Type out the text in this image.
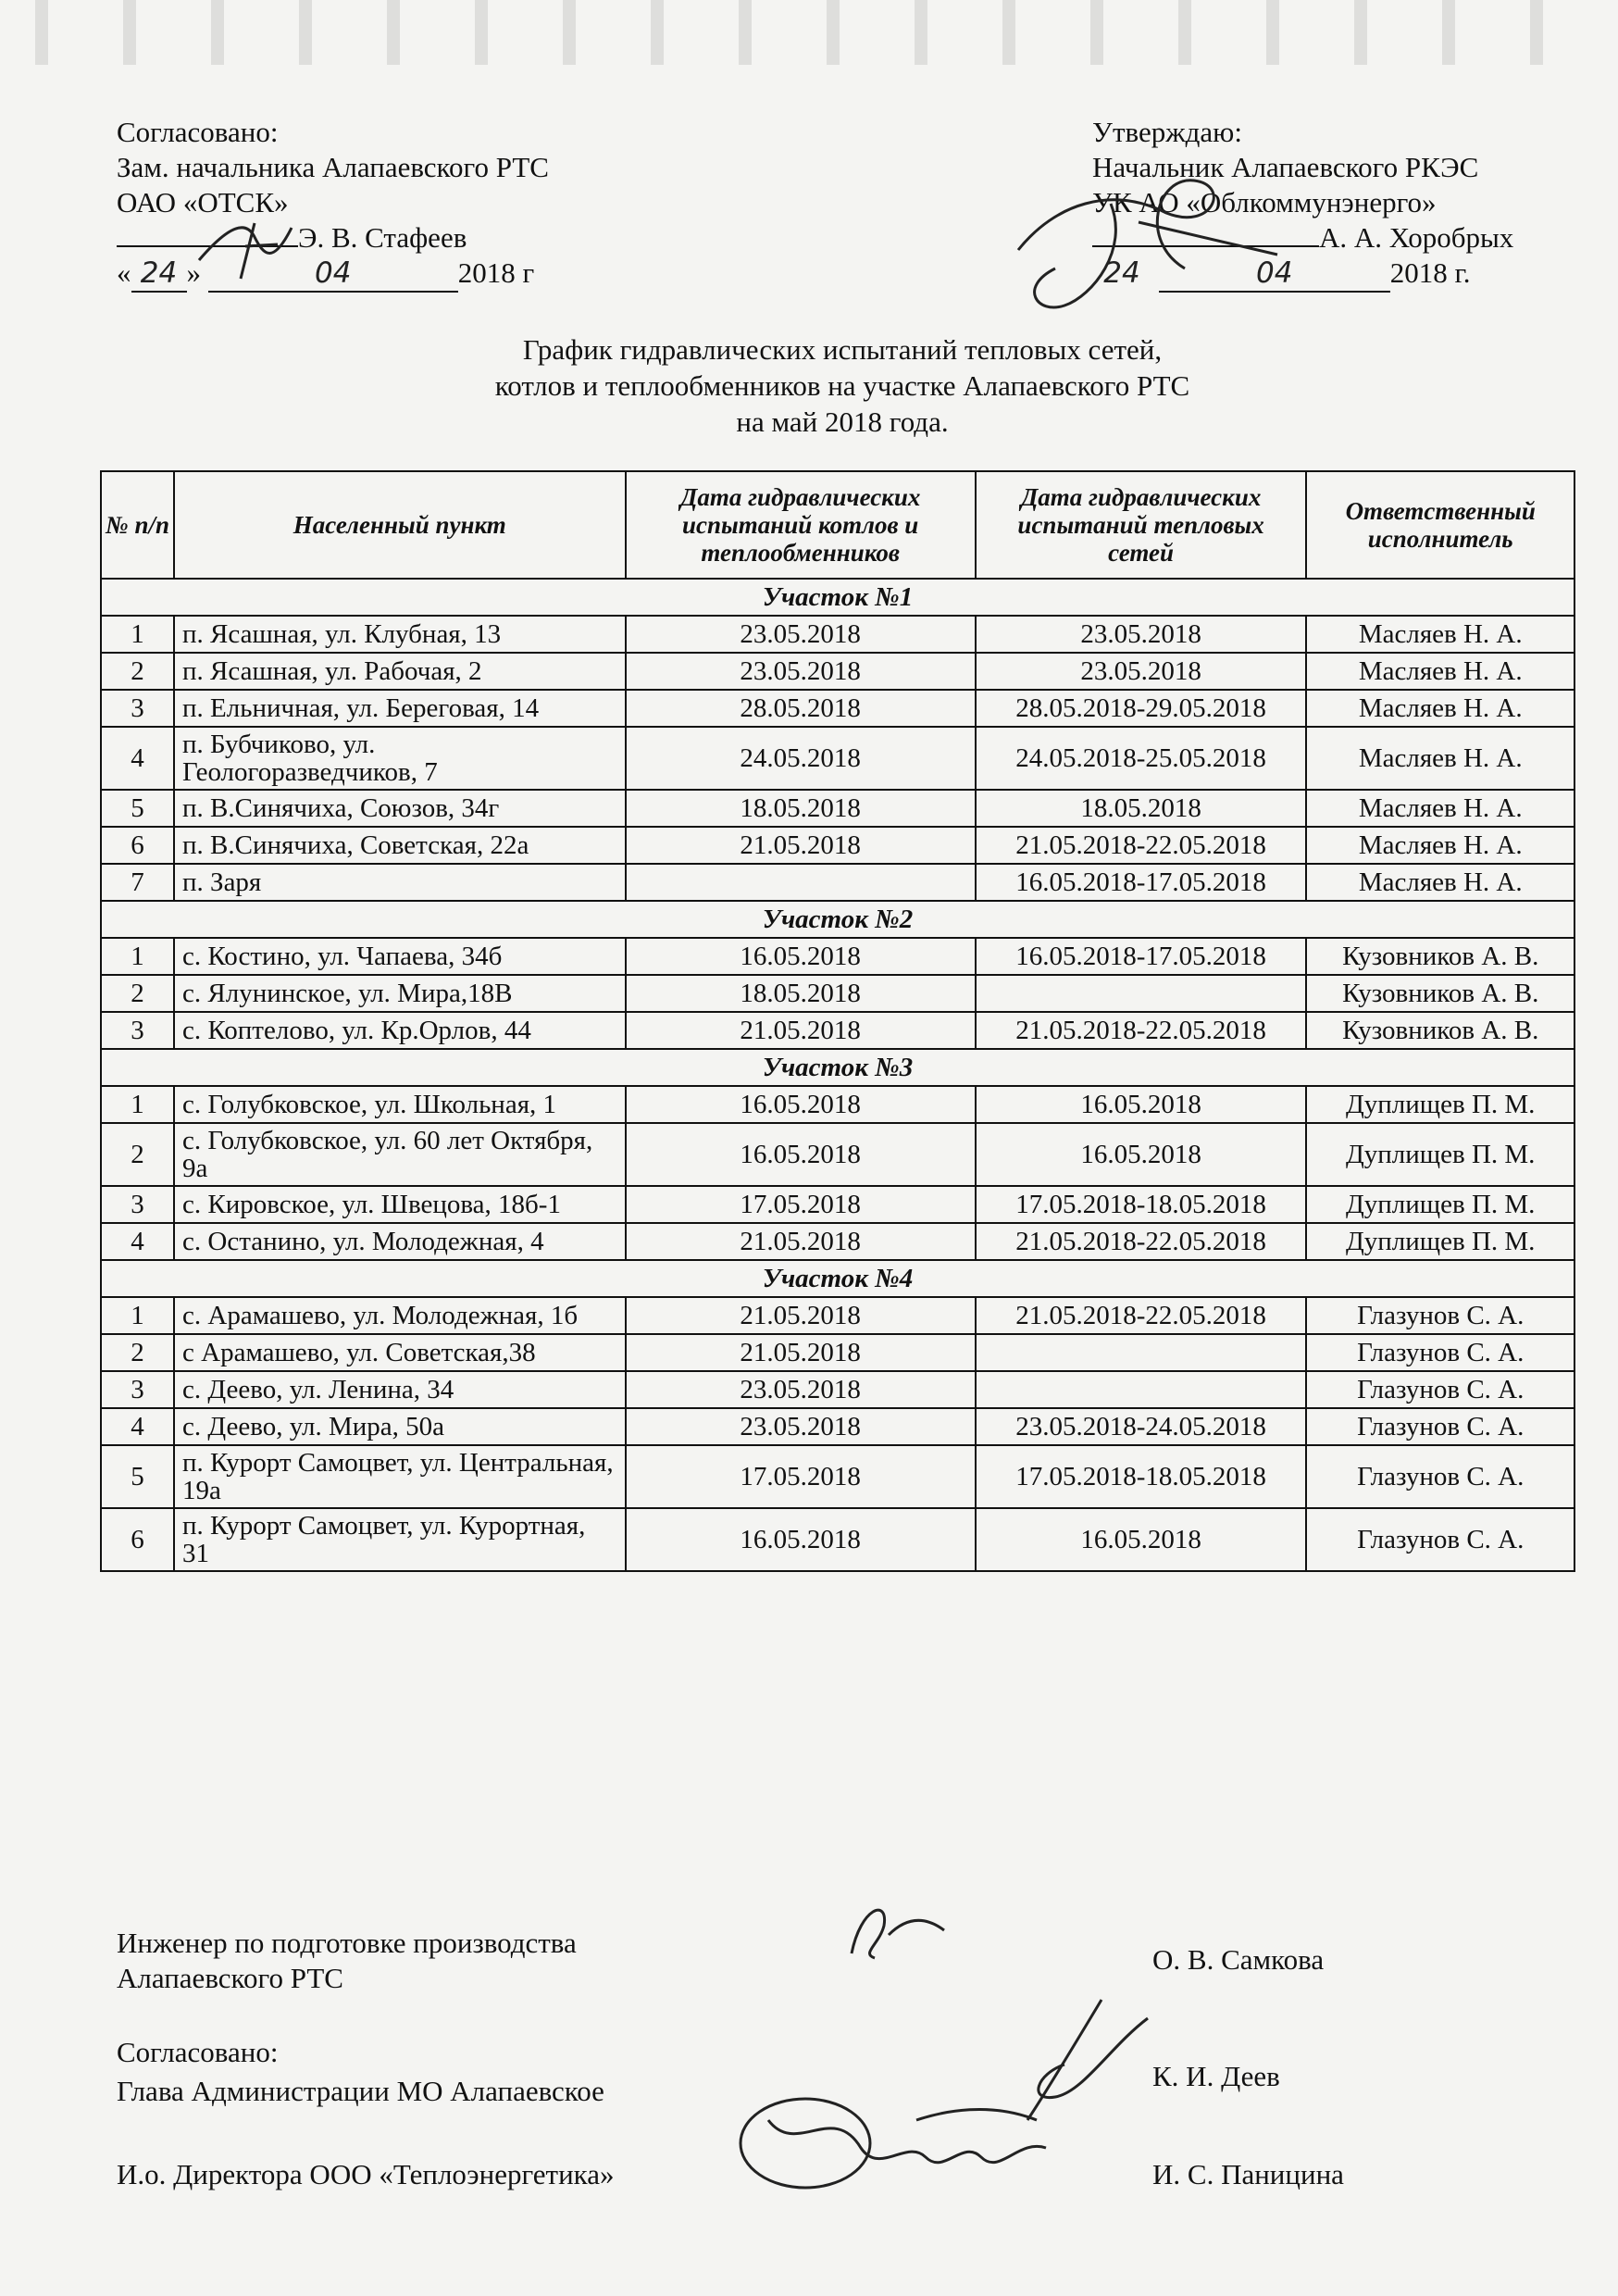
Согласовано:
Зам. начальника Алапаевского РТС
ОАО «ОТСК»
Э. В. Стафеев
« 24 »	04	2018 г
Утверждаю:
Начальник Алапаевского РКЭС
УК АО «Облкоммунэнерго»
А. А. Хоробрых
24	04	2018 г.
График гидравлических испытаний тепловых сетей,
котлов и теплообменников на участке Алапаевского РТС
на май 2018 года.
№ п/п	Населенный пункт	Дата гидравлических испытаний котлов и теплообменников	Дата гидравлических испытаний тепловых сетей	Ответственный исполнитель
Участок №1				
1	п. Ясашная, ул. Клубная, 13	23.05.2018	23.05.2018	Масляев Н. А.
2	п. Ясашная, ул. Рабочая, 2	23.05.2018	23.05.2018	Масляев Н. А.
3	п. Ельничная, ул. Береговая, 14	28.05.2018	28.05.2018-29.05.2018	Масляев Н. А.
4	п. Бубчиково, ул. Геологоразведчиков, 7	24.05.2018	24.05.2018-25.05.2018	Масляев Н. А.
5	п. В.Синячиха, Союзов, 34г	18.05.2018	18.05.2018	Масляев Н. А.
6	п. В.Синячиха, Советская, 22а	21.05.2018	21.05.2018-22.05.2018	Масляев Н. А.
7	п. Заря		16.05.2018-17.05.2018	Масляев Н. А.
Участок №2				
1	с. Костино, ул. Чапаева, 34б	16.05.2018	16.05.2018-17.05.2018	Кузовников А. В.
2	с. Ялунинское, ул. Мира,18В	18.05.2018		Кузовников А. В.
3	с. Коптелово, ул. Кр.Орлов, 44	21.05.2018	21.05.2018-22.05.2018	Кузовников А. В.
Участок №3				
1	с. Голубковское, ул. Школьная, 1	16.05.2018	16.05.2018	Дуплищев П. М.
2	с. Голубковское, ул. 60 лет Октября, 9а	16.05.2018	16.05.2018	Дуплищев П. М.
3	с. Кировское, ул. Швецова, 18б-1	17.05.2018	17.05.2018-18.05.2018	Дуплищев П. М.
4	с. Останино, ул. Молодежная, 4	21.05.2018	21.05.2018-22.05.2018	Дуплищев П. М.
Участок №4				
1	с. Арамашево, ул. Молодежная, 1б	21.05.2018	21.05.2018-22.05.2018	Глазунов С. А.
2	с Арамашево, ул. Советская,38	21.05.2018		Глазунов С. А.
3	с. Деево, ул. Ленина, 34	23.05.2018		Глазунов С. А.
4	с. Деево, ул. Мира, 50а	23.05.2018	23.05.2018-24.05.2018	Глазунов С. А.
5	п. Курорт Самоцвет, ул. Центральная, 19а	17.05.2018	17.05.2018-18.05.2018	Глазунов С. А.
6	п. Курорт Самоцвет, ул. Курортная, 31	16.05.2018	16.05.2018	Глазунов С. А.
Инженер по подготовке производства
Алапаевского РТС
О. В. Самкова
Согласовано:
Глава Администрации МО Алапаевское	К. И. Деев
И.о. Директора ООО «Теплоэнергетика»	И. С. Паницина
